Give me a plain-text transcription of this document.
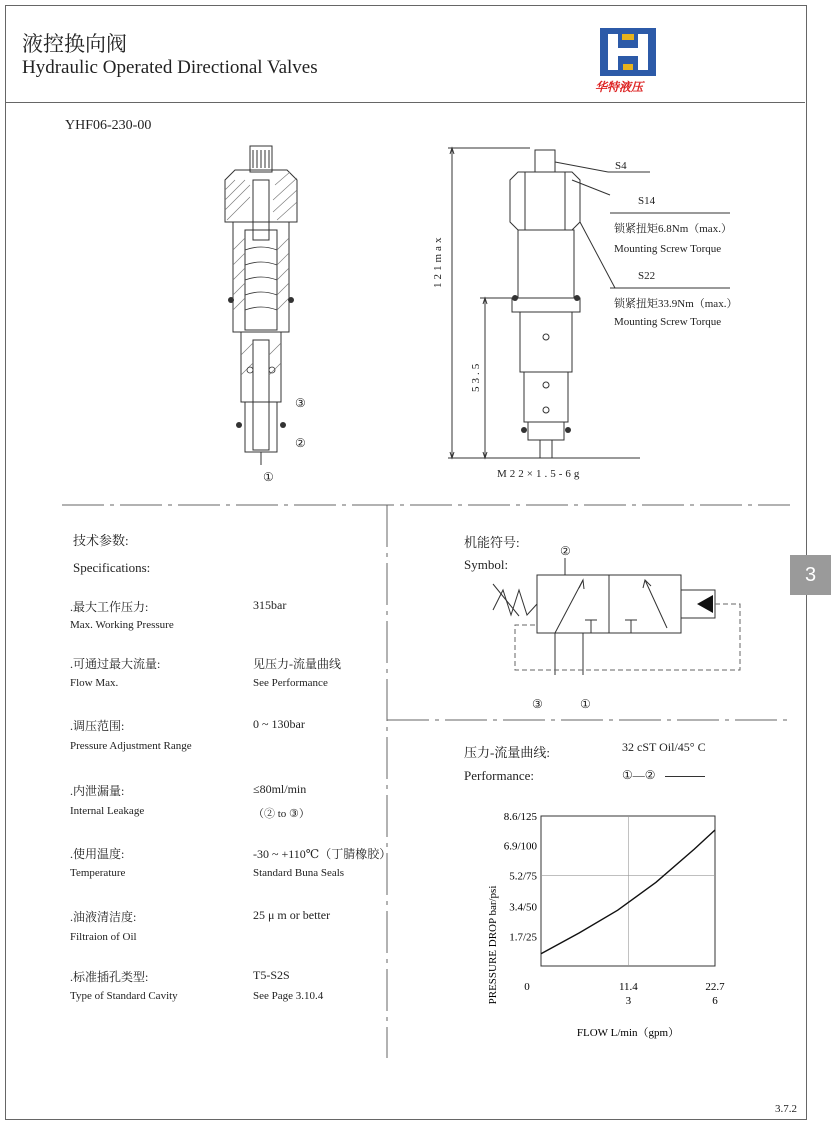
液控换向阀
Hydraulic Operated Directional Valves
华特液压
YHF06-230-00
③
②
①
S4
S14
锁紧扭矩6.8Nm（max.）
Mounting Screw Torque
S22
锁紧扭矩33.9Nm（max.）
Mounting Screw Torque
121max
53.5
M22×1.5-6g
3
技术参数:
Specifications:
.最大工作压力:
Max. Working Pressure
315bar
.可通过最大流量:
Flow Max.
见压力-流量曲线
See Performance
.调压范围:
Pressure Adjustment Range
0 ~ 130bar
.内泄漏量:
Internal Leakage
≤80ml/min
（② to ③）
.使用温度:
Temperature
-30 ~ +110℃（丁腈橡胶）
Standard Buna Seals
.油液清洁度:
Filtraion of Oil
25 μ m or better
.标准插孔类型:
Type of Standard Cavity
T5-S2S
See Page 3.10.4
机能符号:
Symbol:
②
③	①
压力-流量曲线:
Performance:
32 cST Oil/45° C
①—②
PRESSURE DROP bar/psi 1.7/25
3.4/50
5.2/75
6.9/100
8.6/125
0	11.4
3
22.7
6
FLOW L/min（gpm）
3.7.2
